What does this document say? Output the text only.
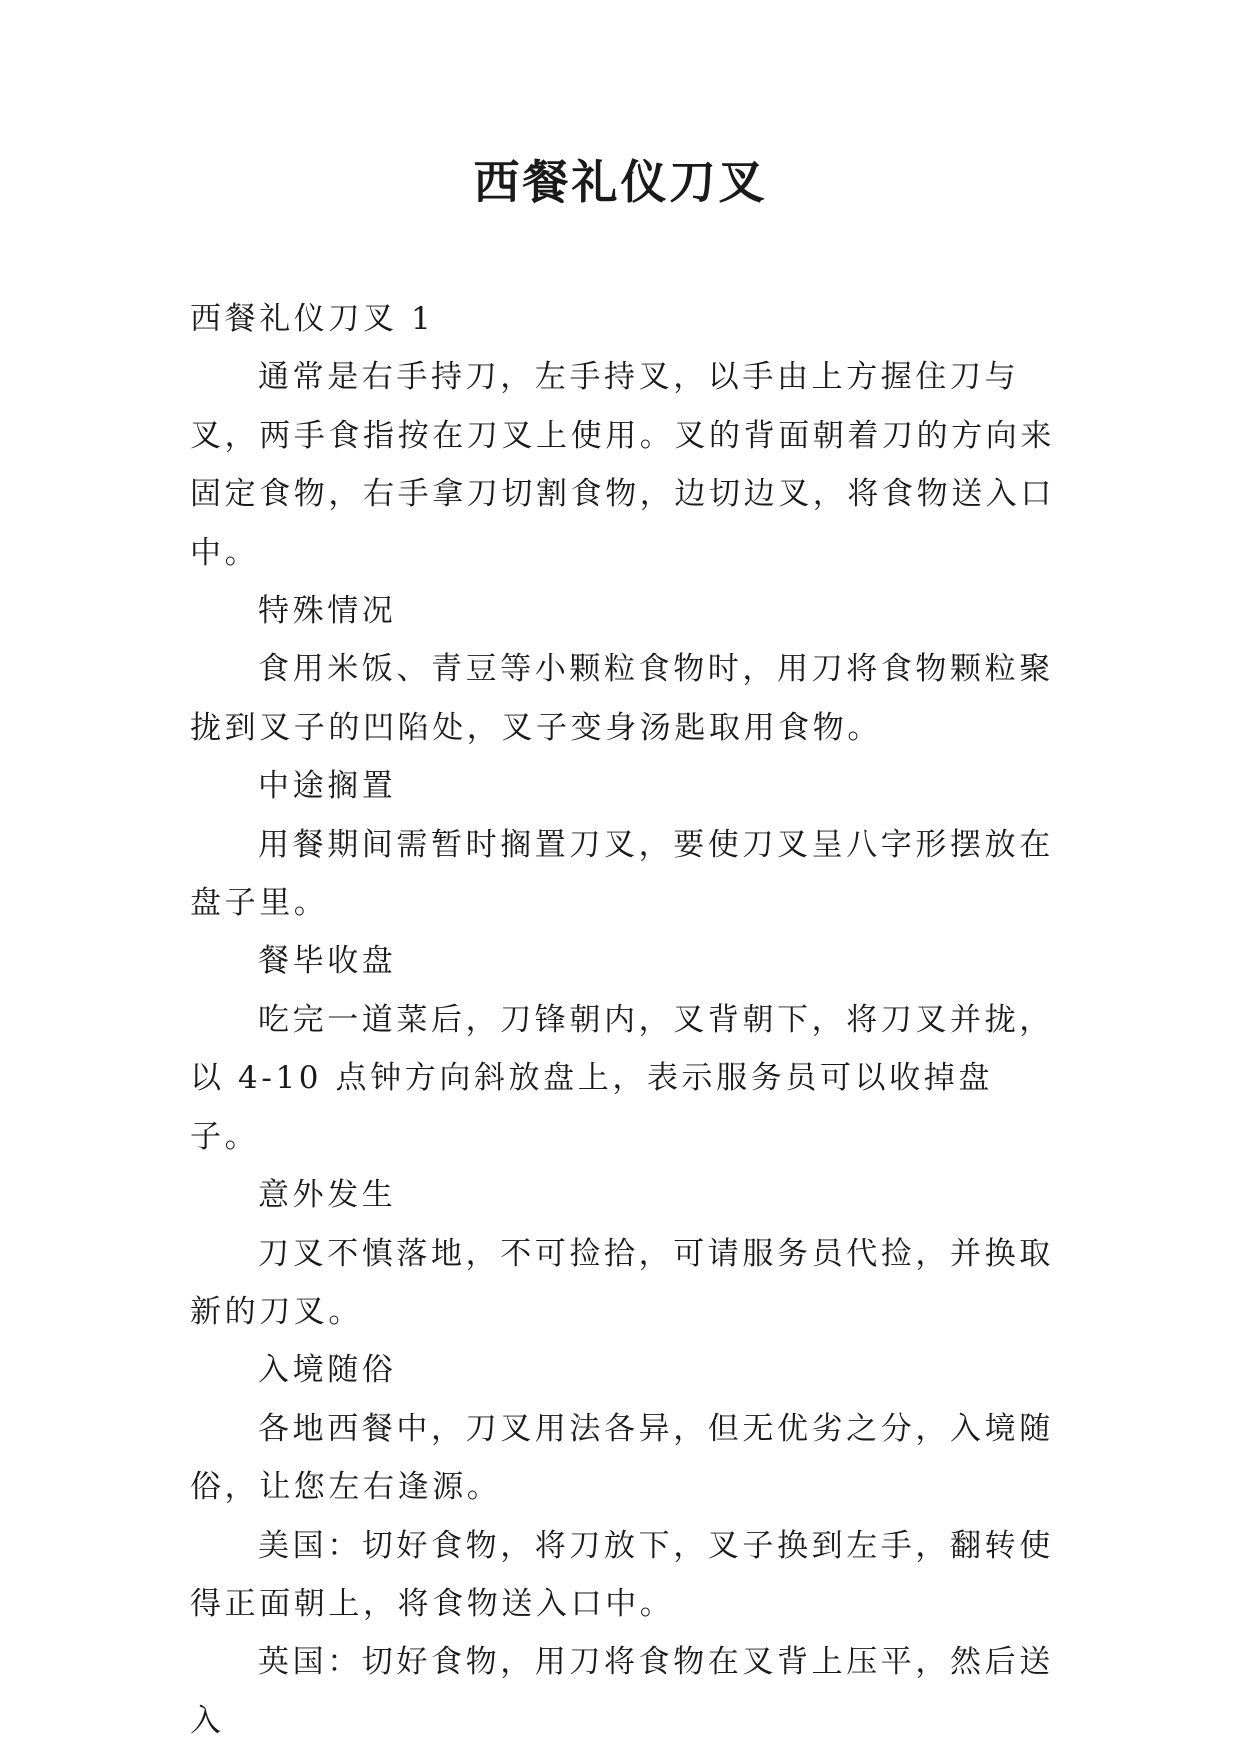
西餐礼仪刀叉

西餐礼仪刀叉 1

通常是右手持刀，左手持叉，以手由上方握住刀与叉，两手食指按在刀叉上使用。叉的背面朝着刀的方向来固定食物，右手拿刀切割食物，边切边叉，将食物送入口中。

特殊情况

食用米饭、青豆等小颗粒食物时，用刀将食物颗粒聚拢到叉子的凹陷处，叉子变身汤匙取用食物。

中途搁置

用餐期间需暂时搁置刀叉，要使刀叉呈八字形摆放在盘子里。

餐毕收盘

吃完一道菜后，刀锋朝内，叉背朝下，将刀叉并拢，以 4-10 点钟方向斜放盘上，表示服务员可以收掉盘子。

意外发生

刀叉不慎落地，不可捡拾，可请服务员代捡，并换取新的刀叉。

入境随俗

各地西餐中，刀叉用法各异，但无优劣之分，入境随俗，让您左右逢源。

美国：切好食物，将刀放下，叉子换到左手，翻转使得正面朝上，将食物送入口中。

英国：切好食物，用刀将食物在叉背上压平，然后送入
